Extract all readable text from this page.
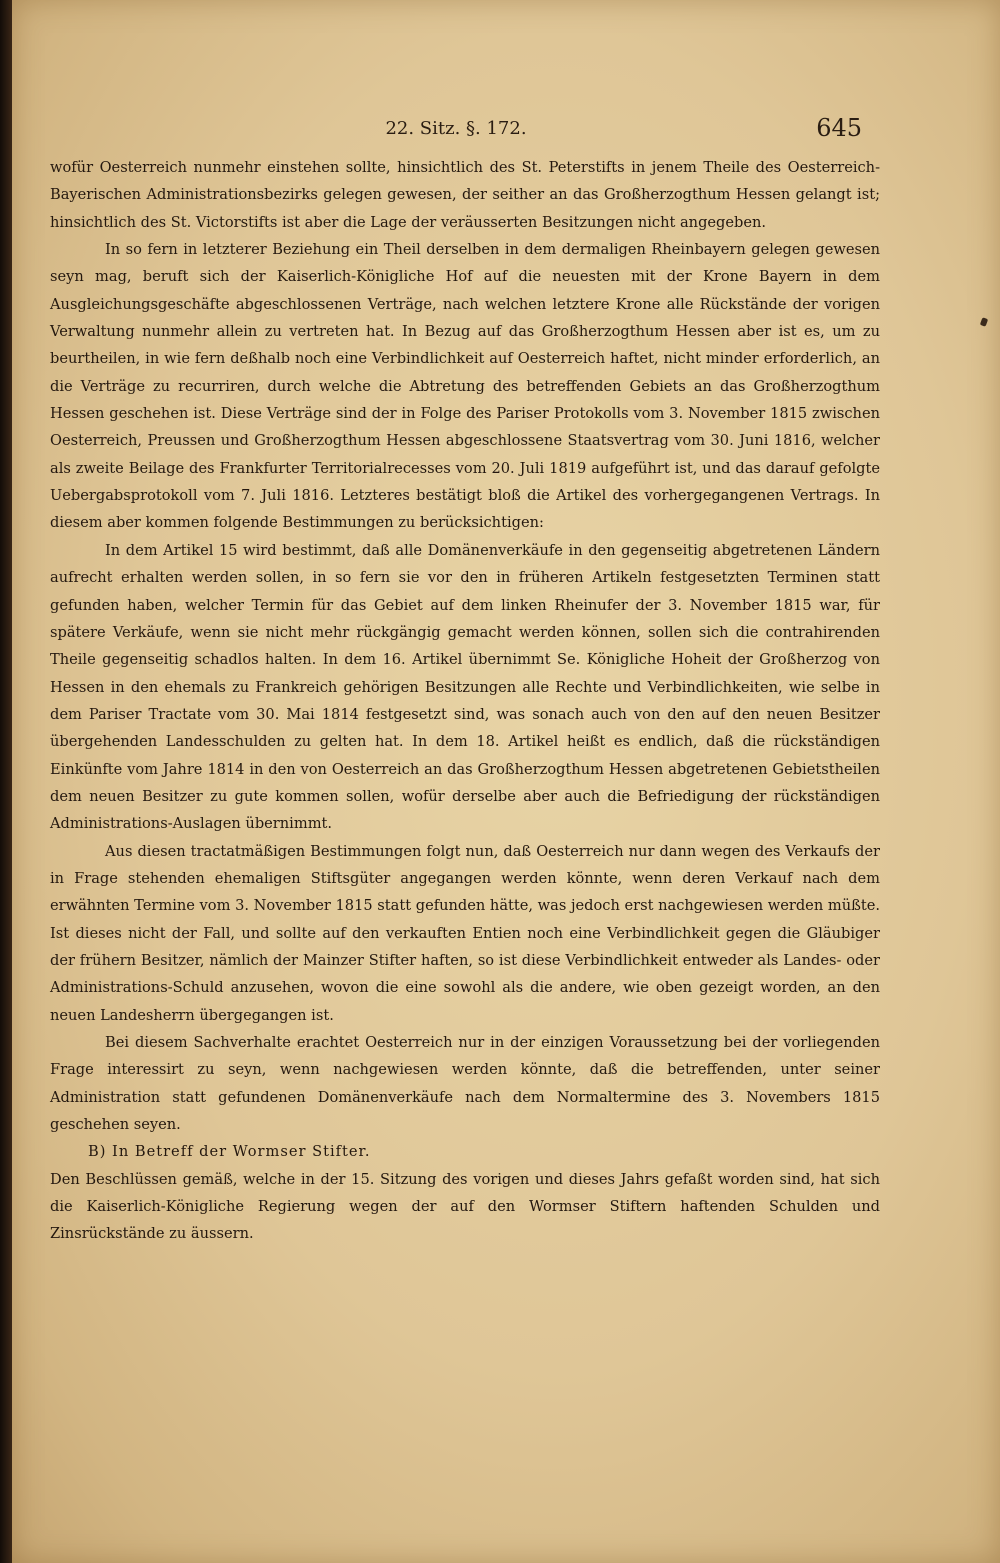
22. Sitz. §. 172.	645

wofür Oesterreich nunmehr einstehen sollte, hinsichtlich des St. Peterstifts in jenem Theile des Oesterreich-Bayerischen Administrationsbezirks gelegen gewesen, der seither an das Großherzogthum Hessen gelangt ist; hinsichtlich des St. Victorstifts ist aber die Lage der veräusserten Besitzungen nicht angegeben.

In so fern in letzterer Beziehung ein Theil derselben in dem dermaligen Rheinbayern gelegen gewesen seyn mag, beruft sich der Kaiserlich-Königliche Hof auf die neuesten mit der Krone Bayern in dem Ausgleichungsgeschäfte abgeschlossenen Verträge, nach welchen letztere Krone alle Rückstände der vorigen Verwaltung nunmehr allein zu vertreten hat. In Bezug auf das Großherzogthum Hessen aber ist es, um zu beurtheilen, in wie fern deßhalb noch eine Verbindlichkeit auf Oesterreich haftet, nicht minder erforderlich, an die Verträge zu recurriren, durch welche die Abtretung des betreffenden Gebiets an das Großherzogthum Hessen geschehen ist. Diese Verträge sind der in Folge des Pariser Protokolls vom 3. November 1815 zwischen Oesterreich, Preussen und Großherzogthum Hessen abgeschlossene Staatsvertrag vom 30. Juni 1816, welcher als zweite Beilage des Frankfurter Territorialrecesses vom 20. Juli 1819 aufgeführt ist, und das darauf gefolgte Uebergabsprotokoll vom 7. Juli 1816. Letzteres bestätigt bloß die Artikel des vorhergegangenen Vertrags. In diesem aber kommen folgende Bestimmungen zu berücksichtigen:

In dem Artikel 15 wird bestimmt, daß alle Domänenverkäufe in den gegenseitig abgetretenen Ländern aufrecht erhalten werden sollen, in so fern sie vor den in früheren Artikeln festgesetzten Terminen statt gefunden haben, welcher Termin für das Gebiet auf dem linken Rheinufer der 3. November 1815 war, für spätere Verkäufe, wenn sie nicht mehr rückgängig gemacht werden können, sollen sich die contrahirenden Theile gegenseitig schadlos halten. In dem 16. Artikel übernimmt Se. Königliche Hoheit der Großherzog von Hessen in den ehemals zu Frankreich gehörigen Besitzungen alle Rechte und Verbindlichkeiten, wie selbe in dem Pariser Tractate vom 30. Mai 1814 festgesetzt sind, was sonach auch von den auf den neuen Besitzer übergehenden Landesschulden zu gelten hat. In dem 18. Artikel heißt es endlich, daß die rückständigen Einkünfte vom Jahre 1814 in den von Oesterreich an das Großherzogthum Hessen abgetretenen Gebietstheilen dem neuen Besitzer zu gute kommen sollen, wofür derselbe aber auch die Befriedigung der rückständigen Administrations-Auslagen übernimmt.

Aus diesen tractatmäßigen Bestimmungen folgt nun, daß Oesterreich nur dann wegen des Verkaufs der in Frage stehenden ehemaligen Stiftsgüter angegangen werden könnte, wenn deren Verkauf nach dem erwähnten Termine vom 3. November 1815 statt gefunden hätte, was jedoch erst nachgewiesen werden müßte. Ist dieses nicht der Fall, und sollte auf den verkauften Entien noch eine Verbindlichkeit gegen die Gläubiger der frühern Besitzer, nämlich der Mainzer Stifter haften, so ist diese Verbindlichkeit entweder als Landes- oder Administrations-Schuld anzusehen, wovon die eine sowohl als die andere, wie oben gezeigt worden, an den neuen Landesherrn übergegangen ist.

Bei diesem Sachverhalte erachtet Oesterreich nur in der einzigen Voraussetzung bei der vorliegenden Frage interessirt zu seyn, wenn nachgewiesen werden könnte, daß die betreffenden, unter seiner Administration statt gefundenen Domänenverkäufe nach dem Normaltermine des 3. Novembers 1815 geschehen seyen.

B) In Betreff der Wormser Stifter.

Den Beschlüssen gemäß, welche in der 15. Sitzung des vorigen und dieses Jahrs gefaßt worden sind, hat sich die Kaiserlich-Königliche Regierung wegen der auf den Wormser Stiftern haftenden Schulden und Zinsrückstände zu äussern.
